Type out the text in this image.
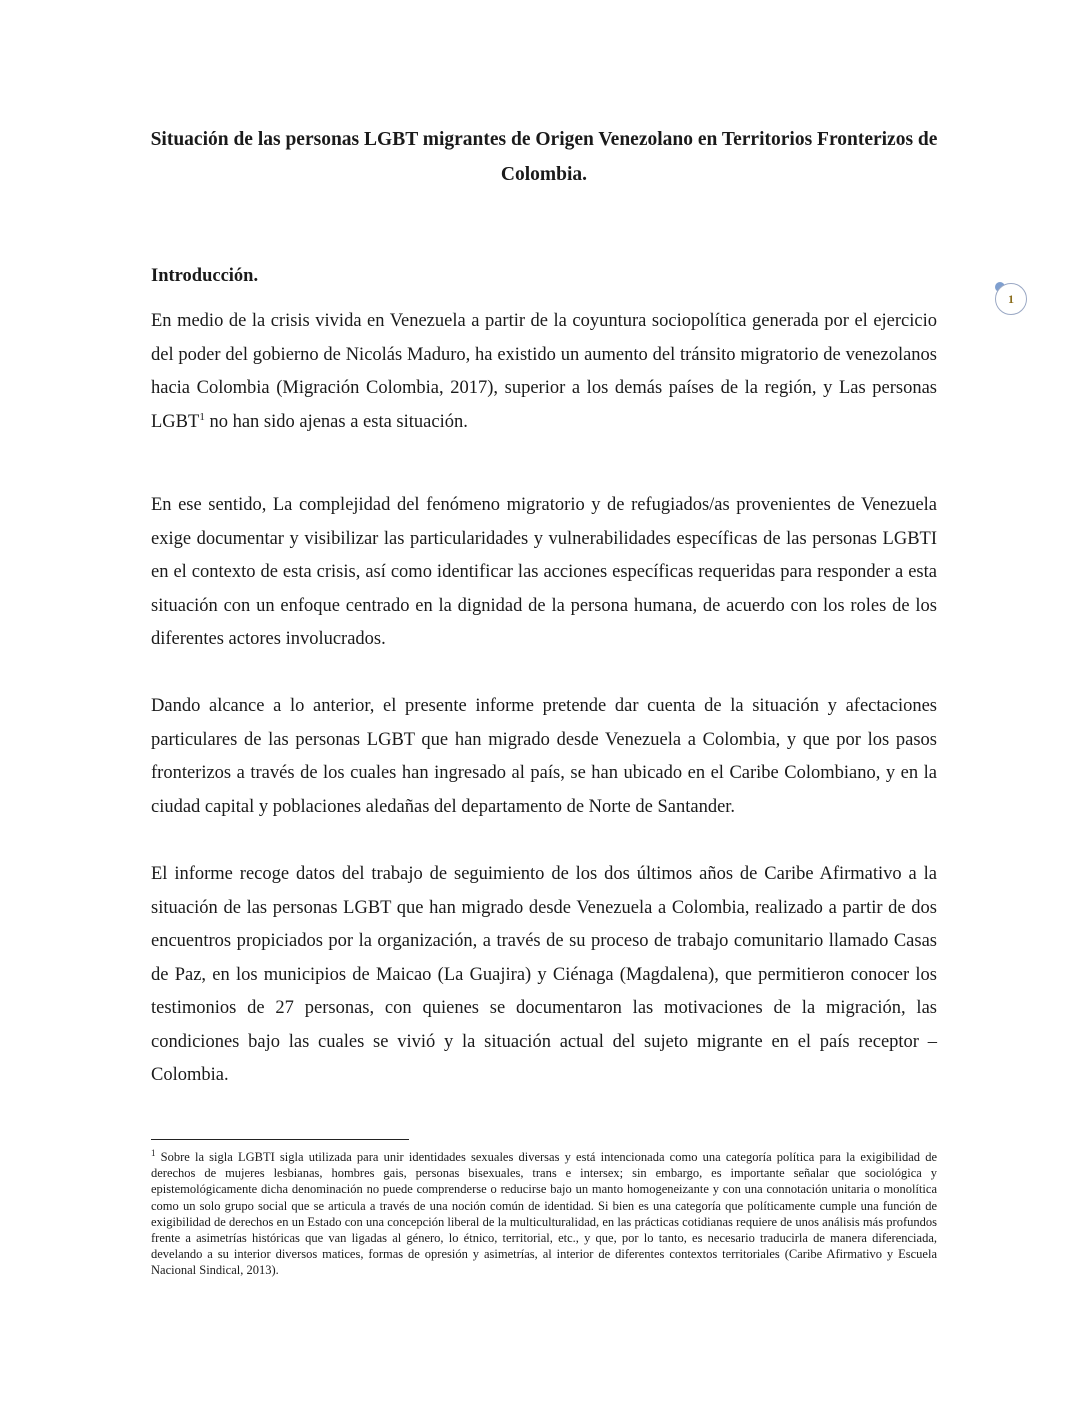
Situación de las personas LGBT migrantes de Origen Venezolano en Territorios Fronterizos de Colombia.
Introducción.
1

En medio de la crisis vivida en Venezuela a partir de la coyuntura sociopolítica generada por el ejercicio del poder del gobierno de Nicolás Maduro, ha existido un aumento del tránsito migratorio de venezolanos hacia Colombia (Migración Colombia, 2017), superior a los demás países de la región, y Las personas LGBT$^1$ no han sido ajenas a esta situación.

En ese sentido, La complejidad del fenómeno migratorio y de refugiados/as provenientes de Venezuela exige documentar y visibilizar las particularidades y vulnerabilidades específicas de las personas LGBTI en el contexto de esta crisis, así como identificar las acciones específicas requeridas para responder a esta situación con un enfoque centrado en la dignidad de la persona humana, de acuerdo con los roles de los diferentes actores involucrados.

Dando alcance a lo anterior, el presente informe pretende dar cuenta de la situación y afectaciones particulares de las personas LGBT que han migrado desde Venezuela a Colombia, y que por los pasos fronterizos a través de los cuales han ingresado al país, se han ubicado en el Caribe Colombiano, y en la ciudad capital y poblaciones aledañas del departamento de Norte de Santander.

El informe recoge datos del trabajo de seguimiento de los dos últimos años de Caribe Afirmativo a la situación de las personas LGBT que han migrado desde Venezuela a Colombia, realizado a partir de dos encuentros propiciados por la organización, a través de su proceso de trabajo comunitario llamado Casas de Paz, en los municipios de Maicao (La Guajira) y Ciénaga (Magdalena), que permitieron conocer los testimonios de 27 personas, con quienes se documentaron las motivaciones de la migración, las condiciones bajo las cuales se vivió y la situación actual del sujeto migrante en el país receptor –Colombia.

$^1$ Sobre la sigla LGBTI sigla utilizada para unir identidades sexuales diversas y está intencionada como una categoría política para la exigibilidad de derechos de mujeres lesbianas, hombres gais, personas bisexuales, trans e intersex; sin embargo, es importante señalar que sociológica y epistemológicamente dicha denominación no puede comprenderse o reducirse bajo un manto homogeneizante y con una connotación unitaria o monolítica como un solo grupo social que se articula a través de una noción común de identidad. Si bien es una categoría que políticamente cumple una función de exigibilidad de derechos en un Estado con una concepción liberal de la multiculturalidad, en las prácticas cotidianas requiere de unos análisis más profundos frente a asimetrías históricas que van ligadas al género, lo étnico, territorial, etc., y que, por lo tanto, es necesario traducirla de manera diferenciada, develando a su interior diversos matices, formas de opresión y asimetrías, al interior de diferentes contextos territoriales (Caribe Afirmativo y Escuela Nacional Sindical, 2013).
